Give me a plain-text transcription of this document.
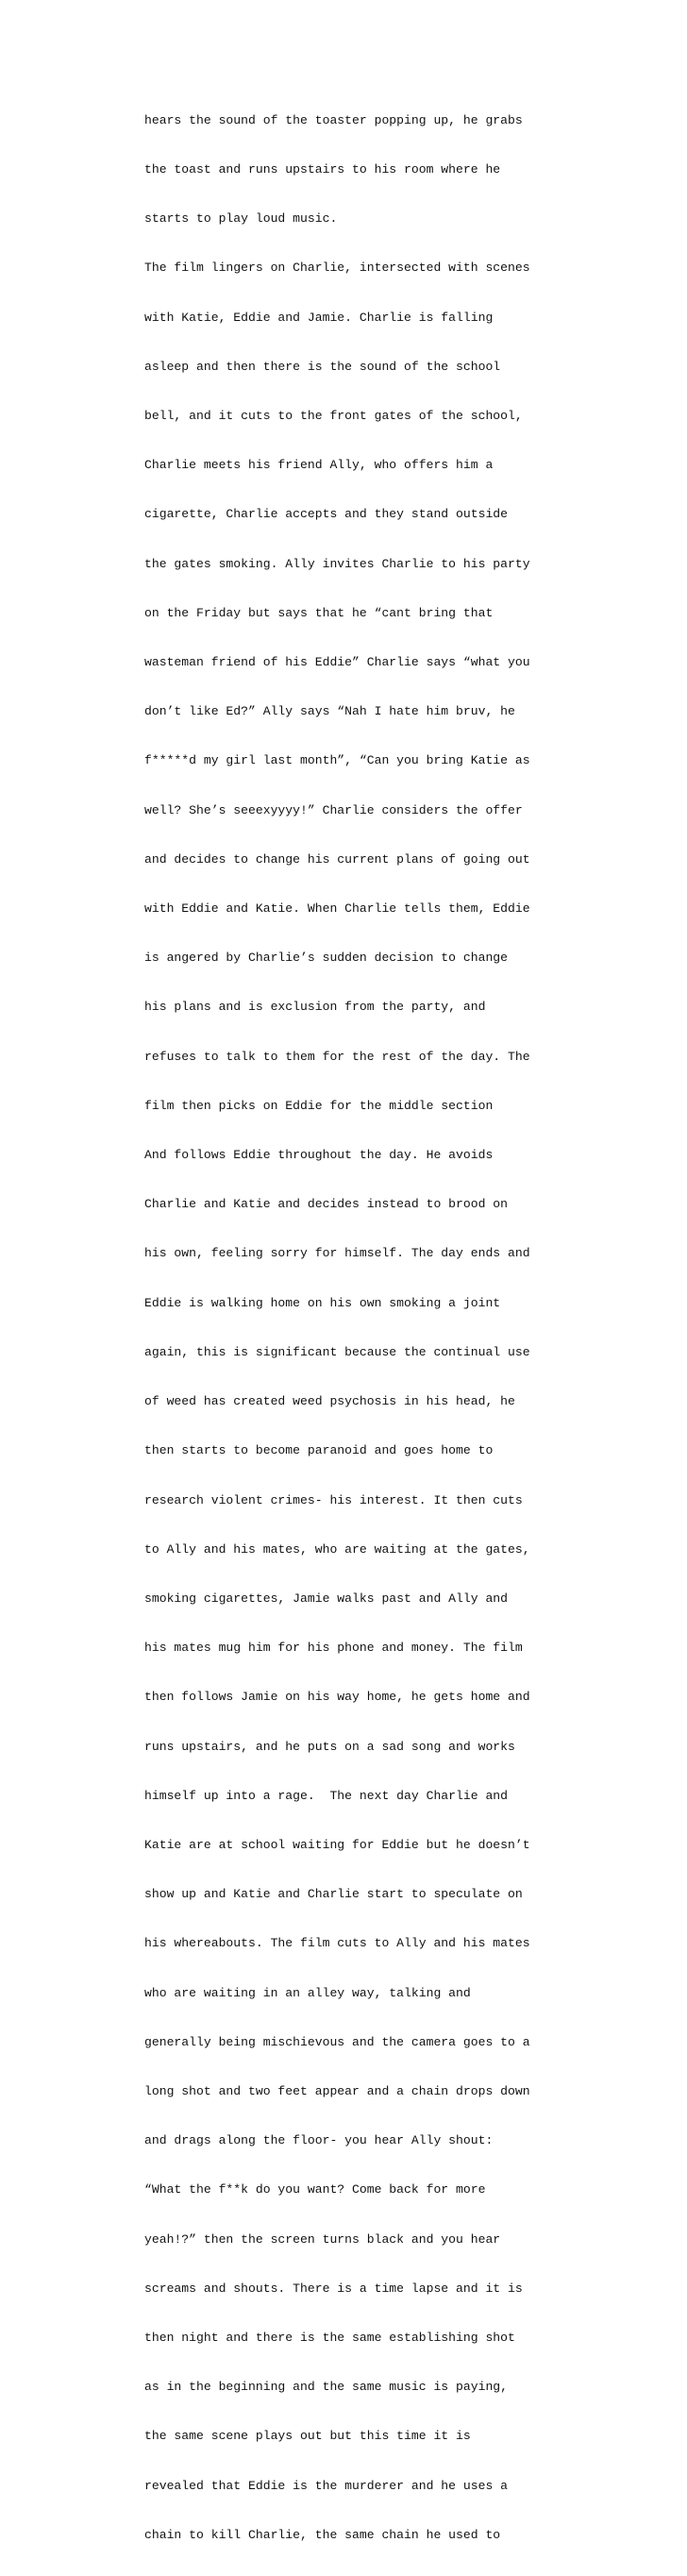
hears the sound of the toaster popping up, he grabs

the toast and runs upstairs to his room where he

starts to play loud music.

The film lingers on Charlie, intersected with scenes

with Katie, Eddie and Jamie. Charlie is falling

asleep and then there is the sound of the school

bell, and it cuts to the front gates of the school,

Charlie meets his friend Ally, who offers him a

cigarette, Charlie accepts and they stand outside

the gates smoking. Ally invites Charlie to his party

on the Friday but says that he “cant bring that

wasteman friend of his Eddie” Charlie says “what you

don’t like Ed?” Ally says “Nah I hate him bruv, he

f*****d my girl last month”, “Can you bring Katie as

well? She’s seeexyyyy!” Charlie considers the offer

and decides to change his current plans of going out

with Eddie and Katie. When Charlie tells them, Eddie

is angered by Charlie’s sudden decision to change

his plans and is exclusion from the party, and

refuses to talk to them for the rest of the day. The

film then picks on Eddie for the middle section

And follows Eddie throughout the day. He avoids

Charlie and Katie and decides instead to brood on

his own, feeling sorry for himself. The day ends and

Eddie is walking home on his own smoking a joint

again, this is significant because the continual use

of weed has created weed psychosis in his head, he

then starts to become paranoid and goes home to

research violent crimes- his interest. It then cuts

to Ally and his mates, who are waiting at the gates,

smoking cigarettes, Jamie walks past and Ally and

his mates mug him for his phone and money. The film

then follows Jamie on his way home, he gets home and

runs upstairs, and he puts on a sad song and works

himself up into a rage.  The next day Charlie and

Katie are at school waiting for Eddie but he doesn’t

show up and Katie and Charlie start to speculate on

his whereabouts. The film cuts to Ally and his mates

who are waiting in an alley way, talking and

generally being mischievous and the camera goes to a

long shot and two feet appear and a chain drops down

and drags along the floor- you hear Ally shout:

“What the f**k do you want? Come back for more

yeah!?” then the screen turns black and you hear

screams and shouts. There is a time lapse and it is

then night and there is the same establishing shot

as in the beginning and the same music is paying,

the same scene plays out but this time it is

revealed that Eddie is the murderer and he uses a

chain to kill Charlie, the same chain he used to
